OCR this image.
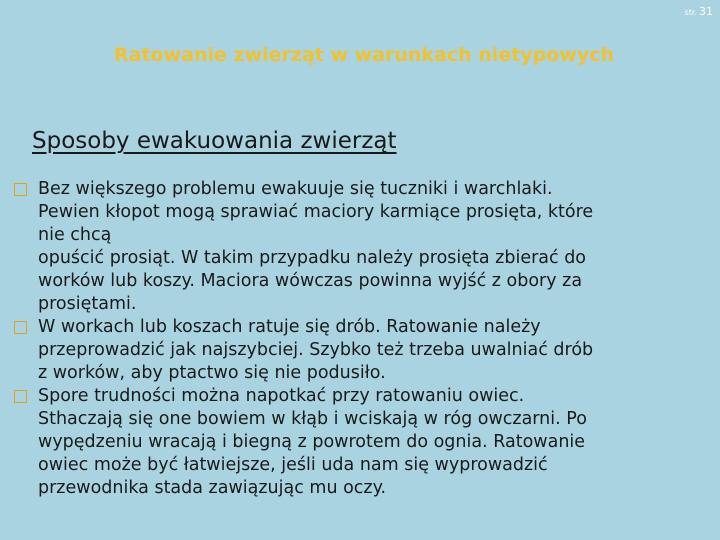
str. 31
Ratowanie zwierząt w warunkach nietypowych
Sposoby ewakuowania zwierząt
Bez większego problemu ewakuuje się tuczniki i warchlaki.
Pewien kłopot mogą sprawiać maciory karmiące prosięta, które
nie chcą
opuścić prosiąt. W takim przypadku należy prosięta zbierać do
worków lub koszy. Maciora wówczas powinna wyjść z obory za
prosiętami.
W workach lub koszach ratuje się drób. Ratowanie należy
przeprowadzić jak najszybciej. Szybko też trzeba uwalniać drób
z worków, aby ptactwo się nie podusiło.
Spore trudności można napotkać przy ratowaniu owiec.
Sthaczają się one bowiem w kłąb i wciskają w róg owczarni. Po
wypędzeniu wracają i biegną z powrotem do ognia. Ratowanie
owiec może być łatwiejsze, jeśli uda nam się wyprowadzić
przewodnika stada zawiązując mu oczy.
